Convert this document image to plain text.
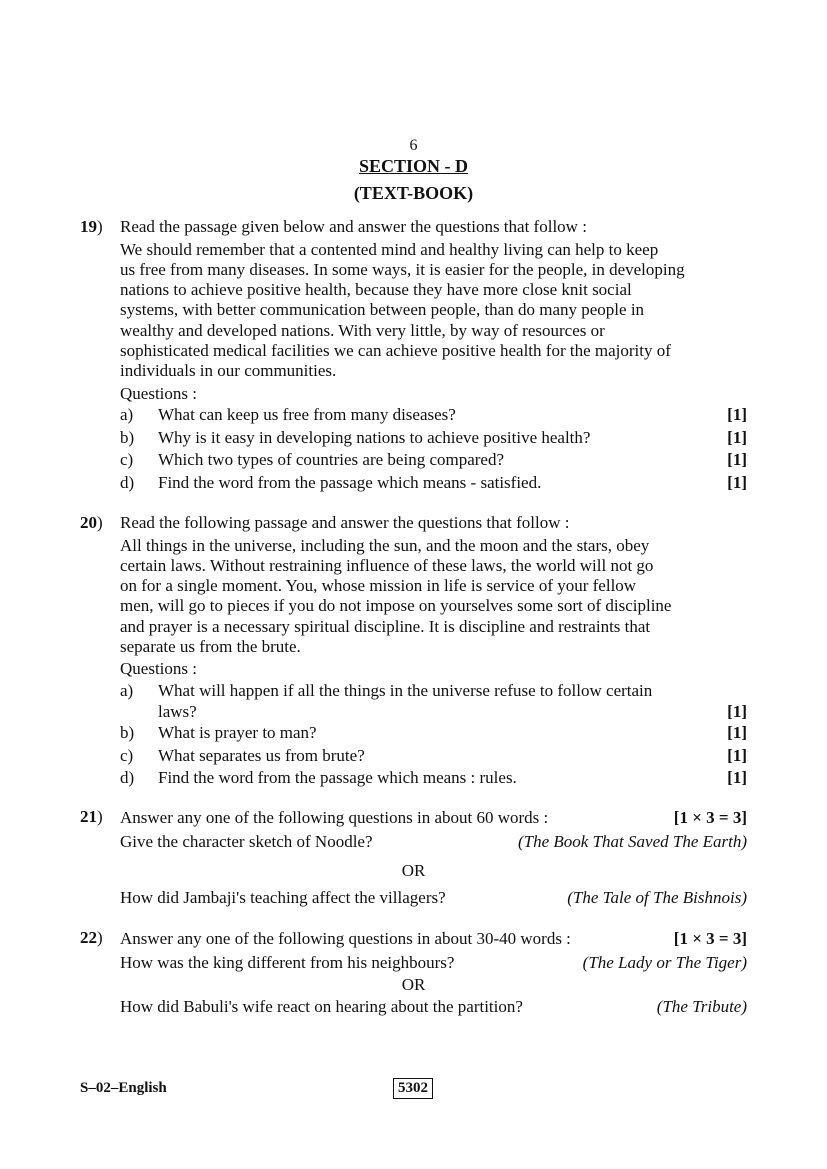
6
SECTION - D
(TEXT-BOOK)
19) Read the passage given below and answer the questions that follow :
We should remember that a contented mind and healthy living can help to keep
us free from many diseases. In some ways, it is easier for the people, in developing
nations to achieve positive health, because they have more close knit social
systems, with better communication between people, than do many people in
wealthy and developed nations. With very little, by way of resources or
sophisticated medical facilities we can achieve positive health for the majority of
individuals in our communities.
Questions :
a)	What can keep us free from many diseases?	[1]
b)	Why is it easy in developing nations to achieve positive health?	[1]
c)	Which two types of countries are being compared?	[1]
d)	Find the word from the passage which means - satisfied.	[1]
20) Read the following passage and answer the questions that follow :
All things in the universe, including the sun, and the moon and the stars, obey
certain laws. Without restraining influence of these laws, the world will not go
on for a single moment. You, whose mission in life is service of your fellow
men, will go to pieces if you do not impose on yourselves some sort of discipline
and prayer is a necessary spiritual discipline. It is discipline and restraints that
separate us from the brute.
Questions :
a)	What will happen if all the things in the universe refuse to follow certain
laws?	[1]
b)	What is prayer to man?	[1]
c)	What separates us from brute?	[1]
d)	Find the word from the passage which means : rules.	[1]
21) Answer any one of the following questions in about 60 words :	[1 × 3 = 3]
Give the character sketch of Noodle?	(The Book That Saved The Earth)
OR
How did Jambaji's teaching affect the villagers?	(The Tale of The Bishnois)
22) Answer any one of the following questions in about 30-40 words :	[1 × 3 = 3]
How was the king different from his neighbours?	(The Lady or The Tiger)
OR
How did Babuli's wife react on hearing about the partition?	(The Tribute)
S–02–English	5302
